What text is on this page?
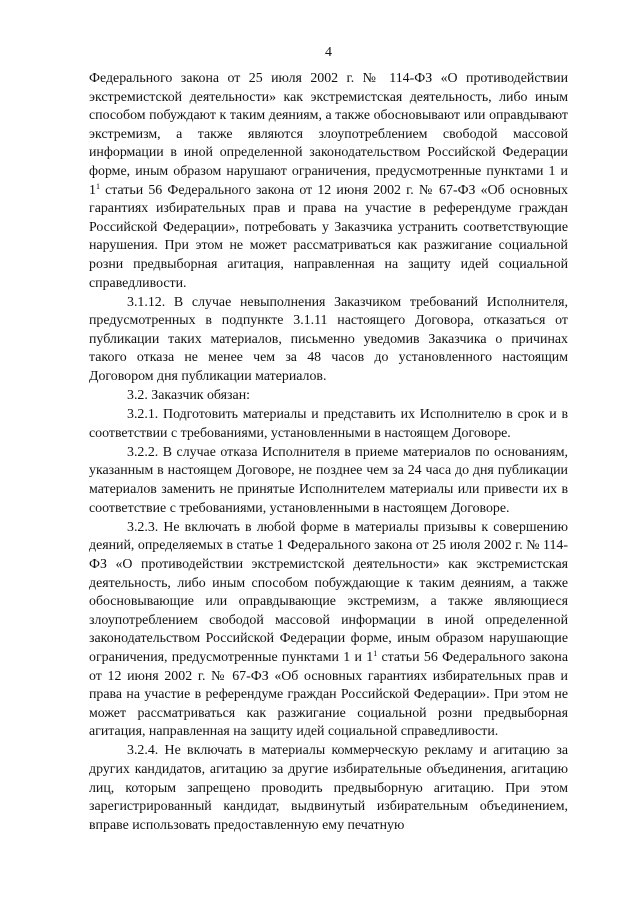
4

Федерального закона от 25 июля 2002 г. № 114-ФЗ «О противодействии экстремистской деятельности» как экстремистская деятельность, либо иным способом побуждают к таким деяниям, а также обосновывают или оправдывают экстремизм, а также являются злоупотреблением свободой массовой информации в иной определенной законодательством Российской Федерации форме, иным образом нарушают ограничения, предусмотренные пунктами 1 и $1^1$ статьи 56 Федерального закона от 12 июня 2002 г. № 67-ФЗ «Об основных гарантиях избирательных прав и права на участие в референдуме граждан Российской Федерации», потребовать у Заказчика устранить соответствующие нарушения. При этом не может рассматриваться как разжигание социальной розни предвыборная агитация, направленная на защиту идей социальной справедливости.

3.1.12. В случае невыполнения Заказчиком требований Исполнителя, предусмотренных в подпункте 3.1.11 настоящего Договора, отказаться от публикации таких материалов, письменно уведомив Заказчика о причинах такого отказа не менее чем за 48 часов до установленного настоящим Договором дня публикации материалов.

3.2. Заказчик обязан:

3.2.1. Подготовить материалы и представить их Исполнителю в срок и в соответствии с требованиями, установленными в настоящем Договоре.

3.2.2. В случае отказа Исполнителя в приеме материалов по основаниям, указанным в настоящем Договоре, не позднее чем за 24 часа до дня публикации материалов заменить не принятые Исполнителем материалы или привести их в соответствие с требованиями, установленными в настоящем Договоре.

3.2.3. Не включать в любой форме в материалы призывы к совершению деяний, определяемых в статье 1 Федерального закона от 25 июля 2002 г. № 114-ФЗ «О противодействии экстремистской деятельности» как экстремистская деятельность, либо иным способом побуждающие к таким деяниям, а также обосновывающие или оправдывающие экстремизм, а также являющиеся злоупотреблением свободой массовой информации в иной определенной законодательством Российской Федерации форме, иным образом нарушающие ограничения, предусмотренные пунктами 1 и $1^1$ статьи 56 Федерального закона от 12 июня 2002 г. № 67-ФЗ «Об основных гарантиях избирательных прав и права на участие в референдуме граждан Российской Федерации». При этом не может рассматриваться как разжигание социальной розни предвыборная агитация, направленная на защиту идей социальной справедливости.

3.2.4. Не включать в материалы коммерческую рекламу и агитацию за других кандидатов, агитацию за другие избирательные объединения, агитацию лиц, которым запрещено проводить предвыборную агитацию. При этом зарегистрированный кандидат, выдвинутый избирательным объединением, вправе использовать предоставленную ему печатную
